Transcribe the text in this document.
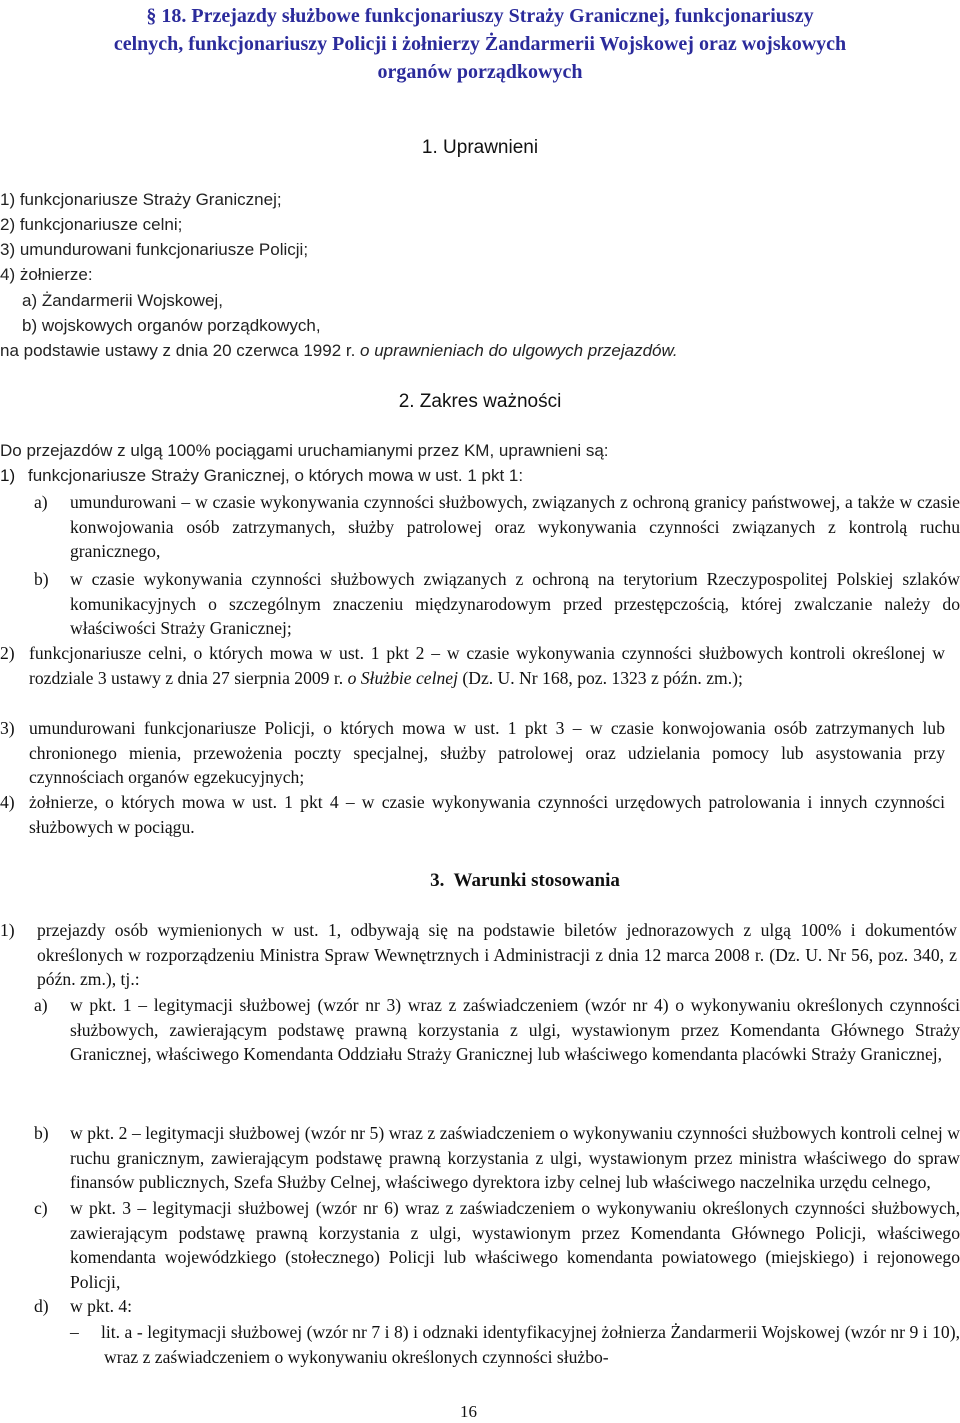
§ 18. Przejazdy służbowe funkcjonariuszy Straży Granicznej, funkcjonariuszy
celnych, funkcjonariuszy Policji i żołnierzy Żandarmerii Wojskowej oraz wojskowych
organów porządkowych
1. Uprawnieni
1) funkcjonariusze Straży Granicznej;
2) funkcjonariusze celni;
3) umundurowani funkcjonariusze Policji;
4) żołnierze:
a) Żandarmerii Wojskowej,
b) wojskowych organów porządkowych,
na podstawie ustawy z dnia 20 czerwca 1992 r. o uprawnieniach do ulgowych przejazdów.
2. Zakres ważności
Do przejazdów z ulgą 100% pociągami uruchamianymi przez KM, uprawnieni są:
1) funkcjonariusze Straży Granicznej, o których mowa w ust. 1 pkt 1:
a) umundurowani – w czasie wykonywania czynności służbowych, związanych z ochroną granicy państwowej, a także w czasie konwojowania osób zatrzymanych, służby patrolowej oraz wykonywania czynności związanych z kontrolą ruchu granicznego,
b) w czasie wykonywania czynności służbowych związanych z ochroną na terytorium Rzeczypospolitej Polskiej szlaków komunikacyjnych o szczególnym znaczeniu międzynarodowym przed przestępczością, której zwalczanie należy do właściwości Straży Granicznej;
2) funkcjonariusze celni, o których mowa w ust. 1 pkt 2 – w czasie wykonywania czynności służbowych kontroli określonej w rozdziale 3 ustawy z dnia 27 sierpnia 2009 r. o Służbie celnej (Dz. U. Nr 168, poz. 1323 z późn. zm.);
3) umundurowani funkcjonariusze Policji, o których mowa w ust. 1 pkt 3 – w czasie konwojowania osób zatrzymanych lub chronionego mienia, przewożenia poczty specjalnej, służby patrolowej oraz udzielania pomocy lub asystowania przy czynnościach organów egzekucyjnych;
4) żołnierze, o których mowa w ust. 1 pkt 4 – w czasie wykonywania czynności urzędowych patrolowania i innych czynności służbowych w pociągu.
3.  Warunki stosowania
1) przejazdy osób wymienionych w ust. 1, odbywają się na podstawie biletów jednorazowych z ulgą 100% i dokumentów określonych w rozporządzeniu Ministra Spraw Wewnętrznych i Administracji z dnia 12 marca 2008 r. (Dz. U. Nr 56, poz. 340, z późn. zm.), tj.:
a) w pkt. 1 – legitymacji służbowej (wzór nr 3) wraz z zaświadczeniem (wzór nr 4) o wykonywaniu określonych czynności służbowych, zawierającym podstawę prawną korzystania z ulgi, wystawionym przez Komendanta Głównego Straży Granicznej, właściwego Komendanta Oddziału Straży Granicznej lub właściwego komendanta placówki Straży Granicznej,
b) w pkt. 2 – legitymacji służbowej (wzór nr 5) wraz z zaświadczeniem o wykonywaniu czynności służbowych kontroli celnej w ruchu granicznym, zawierającym podstawę prawną korzystania z ulgi, wystawionym przez ministra właściwego do spraw finansów publicznych, Szefa Służby Celnej, właściwego dyrektora izby celnej lub właściwego naczelnika urzędu celnego,
c) w pkt. 3 – legitymacji służbowej (wzór nr 6) wraz z zaświadczeniem o wykonywaniu określonych czynności służbowych, zawierającym podstawę prawną korzystania z ulgi, wystawionym przez Komendanta Głównego Policji, właściwego komendanta wojewódzkiego (stołecznego) Policji lub właściwego komendanta powiatowego (miejskiego) i rejonowego Policji,
d) w pkt. 4:
– lit. a - legitymacji służbowej (wzór nr 7 i 8) i odznaki identyfikacyjnej żołnierza Żandarmerii Wojskowej (wzór nr 9 i 10), wraz z zaświadczeniem o wykonywaniu określonych czynności służbo-
16
